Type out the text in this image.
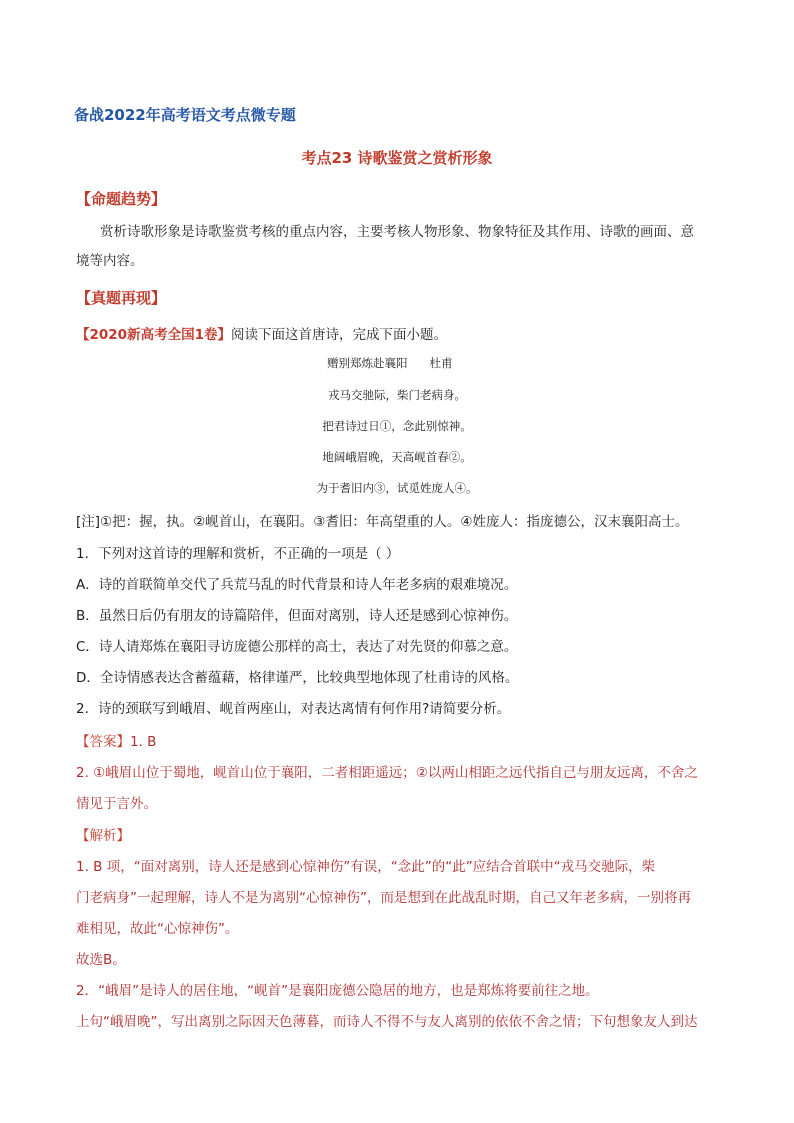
备战2022年高考语文考点微专题
考点23 诗歌鉴赏之赏析形象
【命题趋势】
赏析诗歌形象是诗歌鉴赏考核的重点内容，主要考核人物形象、物象特征及其作用、诗歌的画面、意
境等内容。
【真题再现】
【2020新高考全国1卷】阅读下面这首唐诗，完成下面小题。
赠别郑炼赴襄阳 杜甫
戎马交驰际，柴门老病身。
把君诗过日①，念此别惊神。
地阔峨眉晚，天高岘首春②。
为于耆旧内③，试觅姓庞人④。
[注]①把：握，执。②岘首山，在襄阳。③耆旧：年高望重的人。④姓庞人：指庞德公，汉末襄阳高士。
1．下列对这首诗的理解和赏析，不正确的一项是（ ）
A．诗的首联简单交代了兵荒马乱的时代背景和诗人年老多病的艰难境况。
B．虽然日后仍有朋友的诗篇陪伴，但面对离别，诗人还是感到心惊神伤。
C．诗人请郑炼在襄阳寻访庞德公那样的高士，表达了对先贤的仰慕之意。
D．全诗情感表达含蓄蕴藉，格律谨严，比较典型地体现了杜甫诗的风格。
2．诗的颈联写到峨眉、岘首两座山，对表达离情有何作用?请简要分析。
【答案】1. B
2. ①峨眉山位于蜀地，岘首山位于襄阳，二者相距遥远；②以两山相距之远代指自己与朋友远离，不舍之
情见于言外。
【解析】
1. B 项，“面对离别，诗人还是感到心惊神伤”有误，“念此”的“此”应结合首联中“戎马交驰际，柴
门老病身”一起理解，诗人不是为离别“心惊神伤”，而是想到在此战乱时期，自己又年老多病，一别将再
难相见，故此“心惊神伤”。
故选B。
2．“峨眉”是诗人的居住地，“岘首”是襄阳庞德公隐居的地方，也是郑炼将要前往之地。
上句“峨眉晚”，写出离别之际因天色薄暮，而诗人不得不与友人离别的依依不舍之情；下句想象友人到达
